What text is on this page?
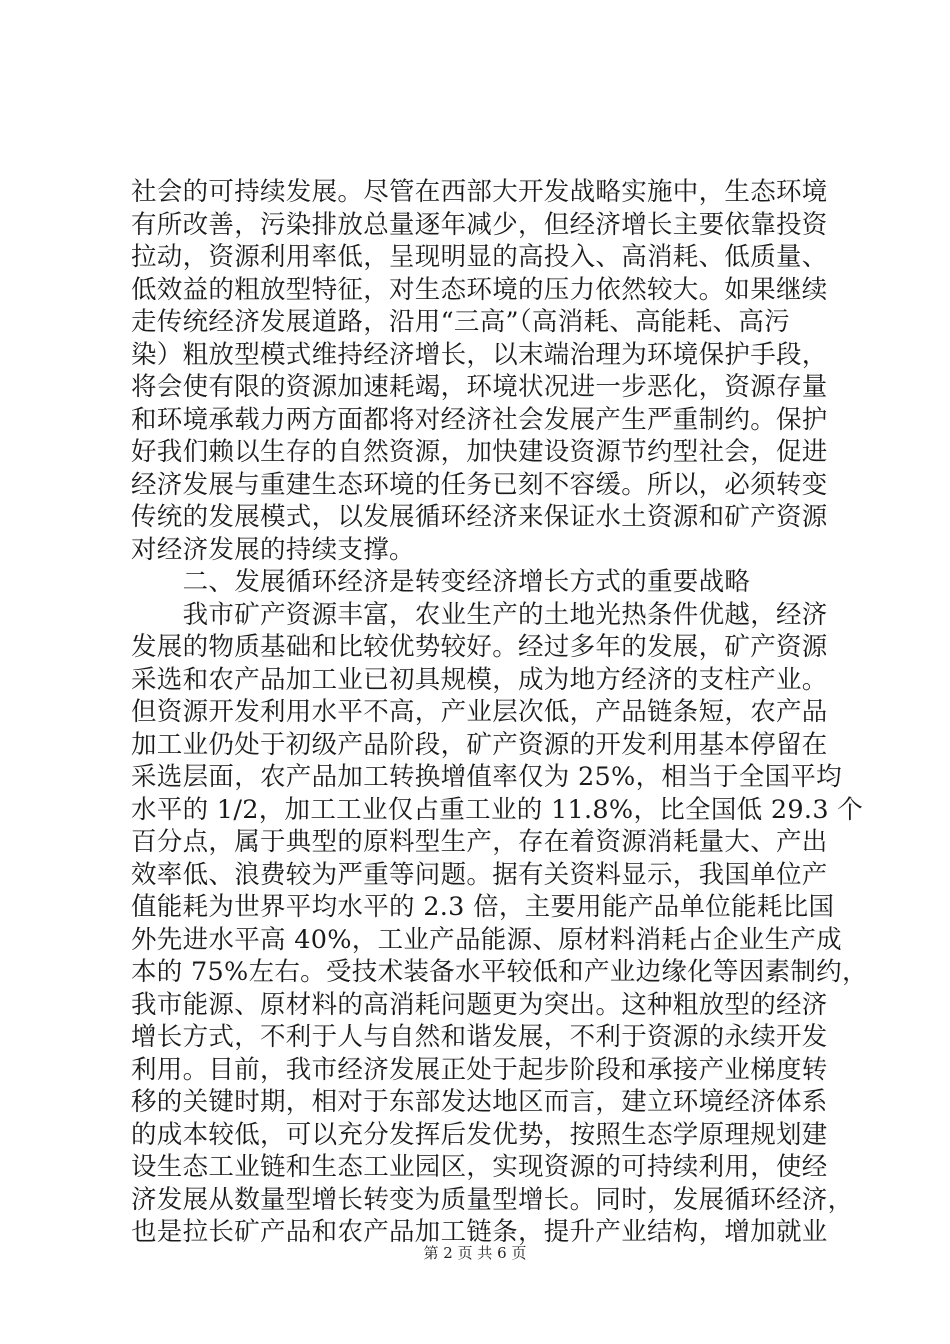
社会的可持续发展。尽管在西部大开发战略实施中，生态环境
有所改善，污染排放总量逐年减少，但经济增长主要依靠投资
拉动，资源利用率低，呈现明显的高投入、高消耗、低质量、
低效益的粗放型特征，对生态环境的压力依然较大。如果继续
走传统经济发展道路，沿用“三高”（高消耗、高能耗、高污
染）粗放型模式维持经济增长，以末端治理为环境保护手段，
将会使有限的资源加速耗竭，环境状况进一步恶化，资源存量
和环境承载力两方面都将对经济社会发展产生严重制约。保护
好我们赖以生存的自然资源，加快建设资源节约型社会，促进
经济发展与重建生态环境的任务已刻不容缓。所以，必须转变
传统的发展模式，以发展循环经济来保证水土资源和矿产资源
对经济发展的持续支撑。
　　二、发展循环经济是转变经济增长方式的重要战略
　　我市矿产资源丰富，农业生产的土地光热条件优越，经济
发展的物质基础和比较优势较好。经过多年的发展，矿产资源
采选和农产品加工业已初具规模，成为地方经济的支柱产业。
但资源开发利用水平不高，产业层次低，产品链条短，农产品
加工业仍处于初级产品阶段，矿产资源的开发利用基本停留在
采选层面，农产品加工转换增值率仅为 25%，相当于全国平均
水平的 1/2，加工工业仅占重工业的 11.8%，比全国低 29.3 个
百分点，属于典型的原料型生产，存在着资源消耗量大、产出
效率低、浪费较为严重等问题。据有关资料显示，我国单位产
值能耗为世界平均水平的 2.3 倍，主要用能产品单位能耗比国
外先进水平高 40%，工业产品能源、原材料消耗占企业生产成
本的 75%左右。受技术装备水平较低和产业边缘化等因素制约，
我市能源、原材料的高消耗问题更为突出。这种粗放型的经济
增长方式，不利于人与自然和谐发展，不利于资源的永续开发
利用。目前，我市经济发展正处于起步阶段和承接产业梯度转
移的关键时期，相对于东部发达地区而言，建立环境经济体系
的成本较低，可以充分发挥后发优势，按照生态学原理规划建
设生态工业链和生态工业园区，实现资源的可持续利用，使经
济发展从数量型增长转变为质量型增长。同时，发展循环经济，
也是拉长矿产品和农产品加工链条，提升产业结构，增加就业
第 2 页 共 6 页
